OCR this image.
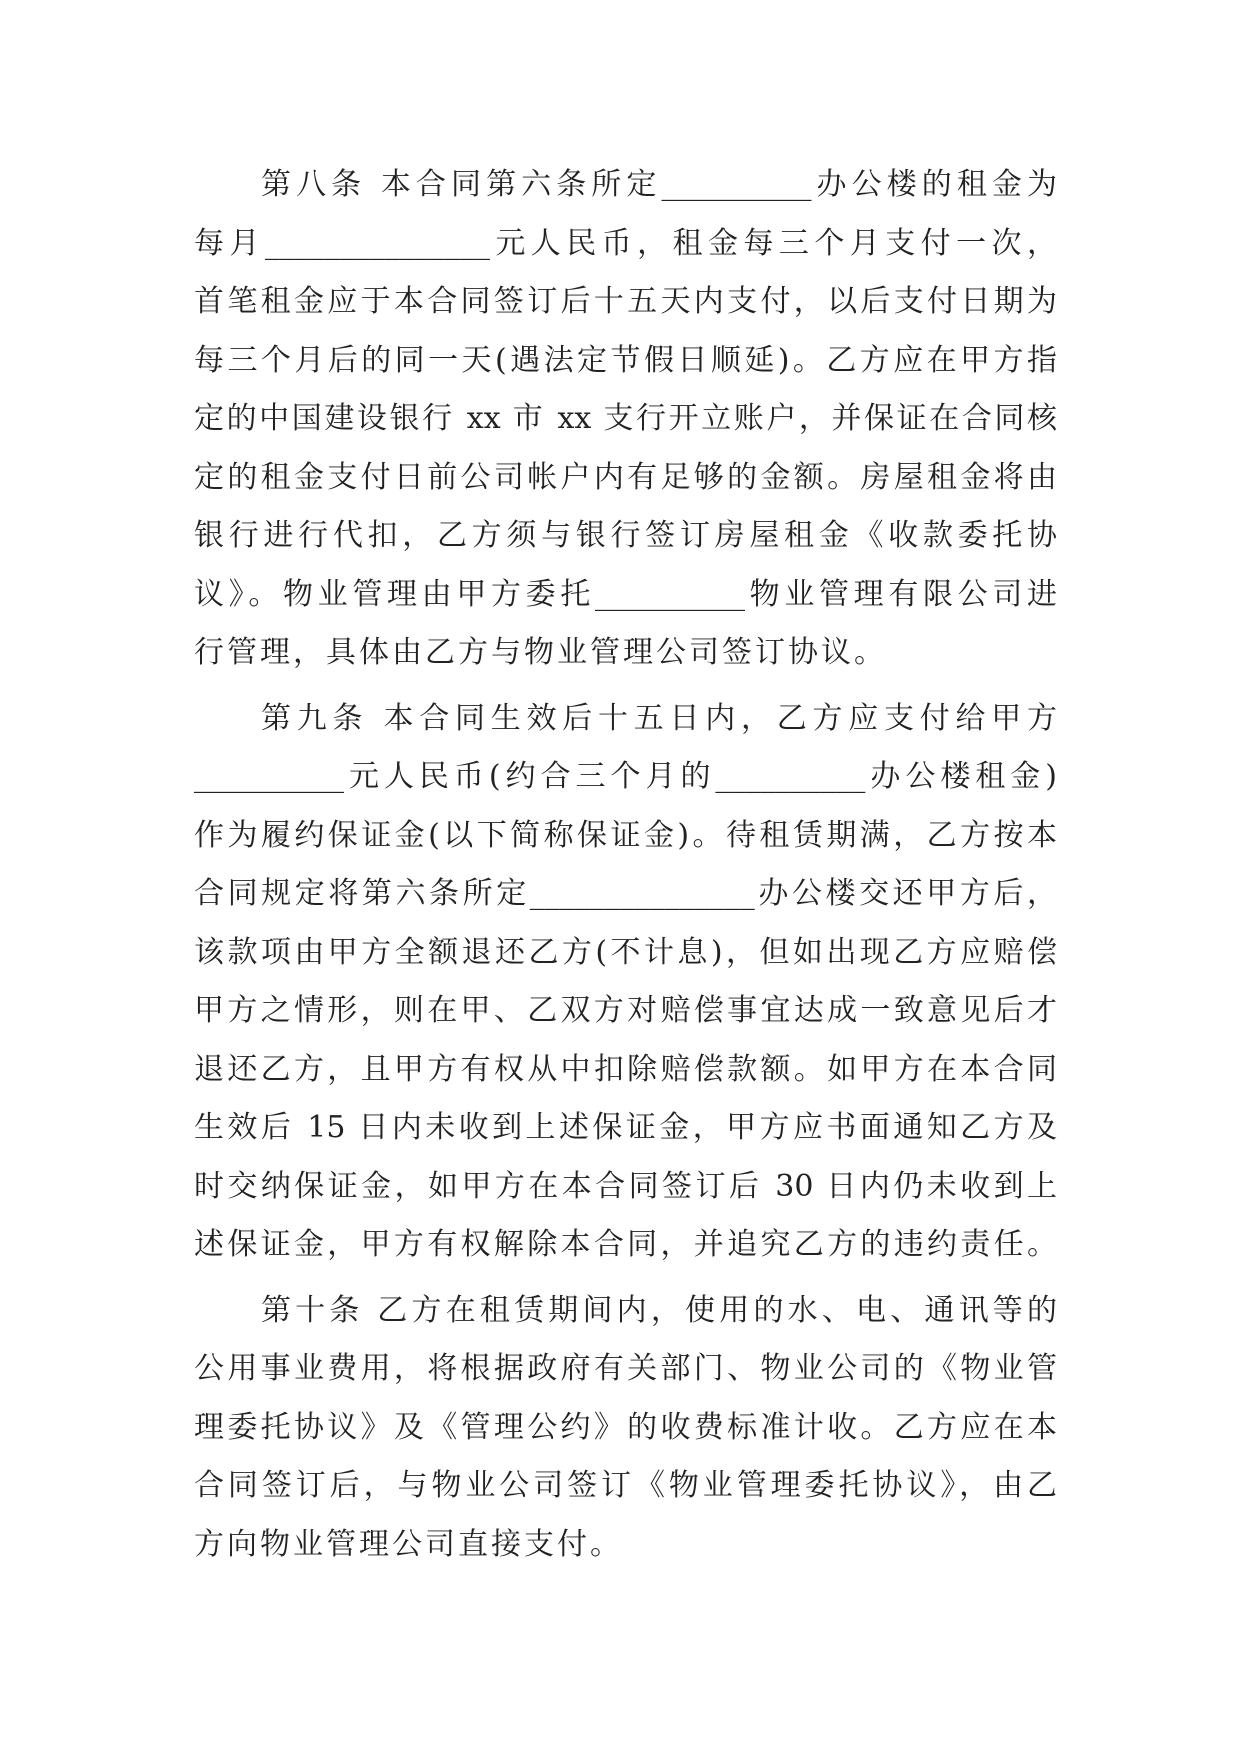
第八条 本合同第六条所定__________办公楼的租金为
每月_______________元人民币，租金每三个月支付一次，
首笔租金应于本合同签订后十五天内支付，以后支付日期为
每三个月后的同一天(遇法定节假日顺延)。乙方应在甲方指
定的中国建设银行 xx 市 xx 支行开立账户，并保证在合同核
定的租金支付日前公司帐户内有足够的金额。房屋租金将由
银行进行代扣，乙方须与银行签订房屋租金《收款委托协
议》。物业管理由甲方委托__________物业管理有限公司进
行管理，具体由乙方与物业管理公司签订协议。
第九条 本合同生效后十五日内，乙方应支付给甲方
__________元人民币(约合三个月的__________办公楼租金)
作为履约保证金(以下简称保证金)。待租赁期满，乙方按本
合同规定将第六条所定_______________办公楼交还甲方后，
该款项由甲方全额退还乙方(不计息)，但如出现乙方应赔偿
甲方之情形，则在甲、乙双方对赔偿事宜达成一致意见后才
退还乙方，且甲方有权从中扣除赔偿款额。如甲方在本合同
生效后 15 日内未收到上述保证金，甲方应书面通知乙方及
时交纳保证金，如甲方在本合同签订后 30 日内仍未收到上
述保证金，甲方有权解除本合同，并追究乙方的违约责任。
第十条 乙方在租赁期间内，使用的水、电、通讯等的
公用事业费用，将根据政府有关部门、物业公司的《物业管
理委托协议》及《管理公约》的收费标准计收。乙方应在本
合同签订后，与物业公司签订《物业管理委托协议》，由乙
方向物业管理公司直接支付。
